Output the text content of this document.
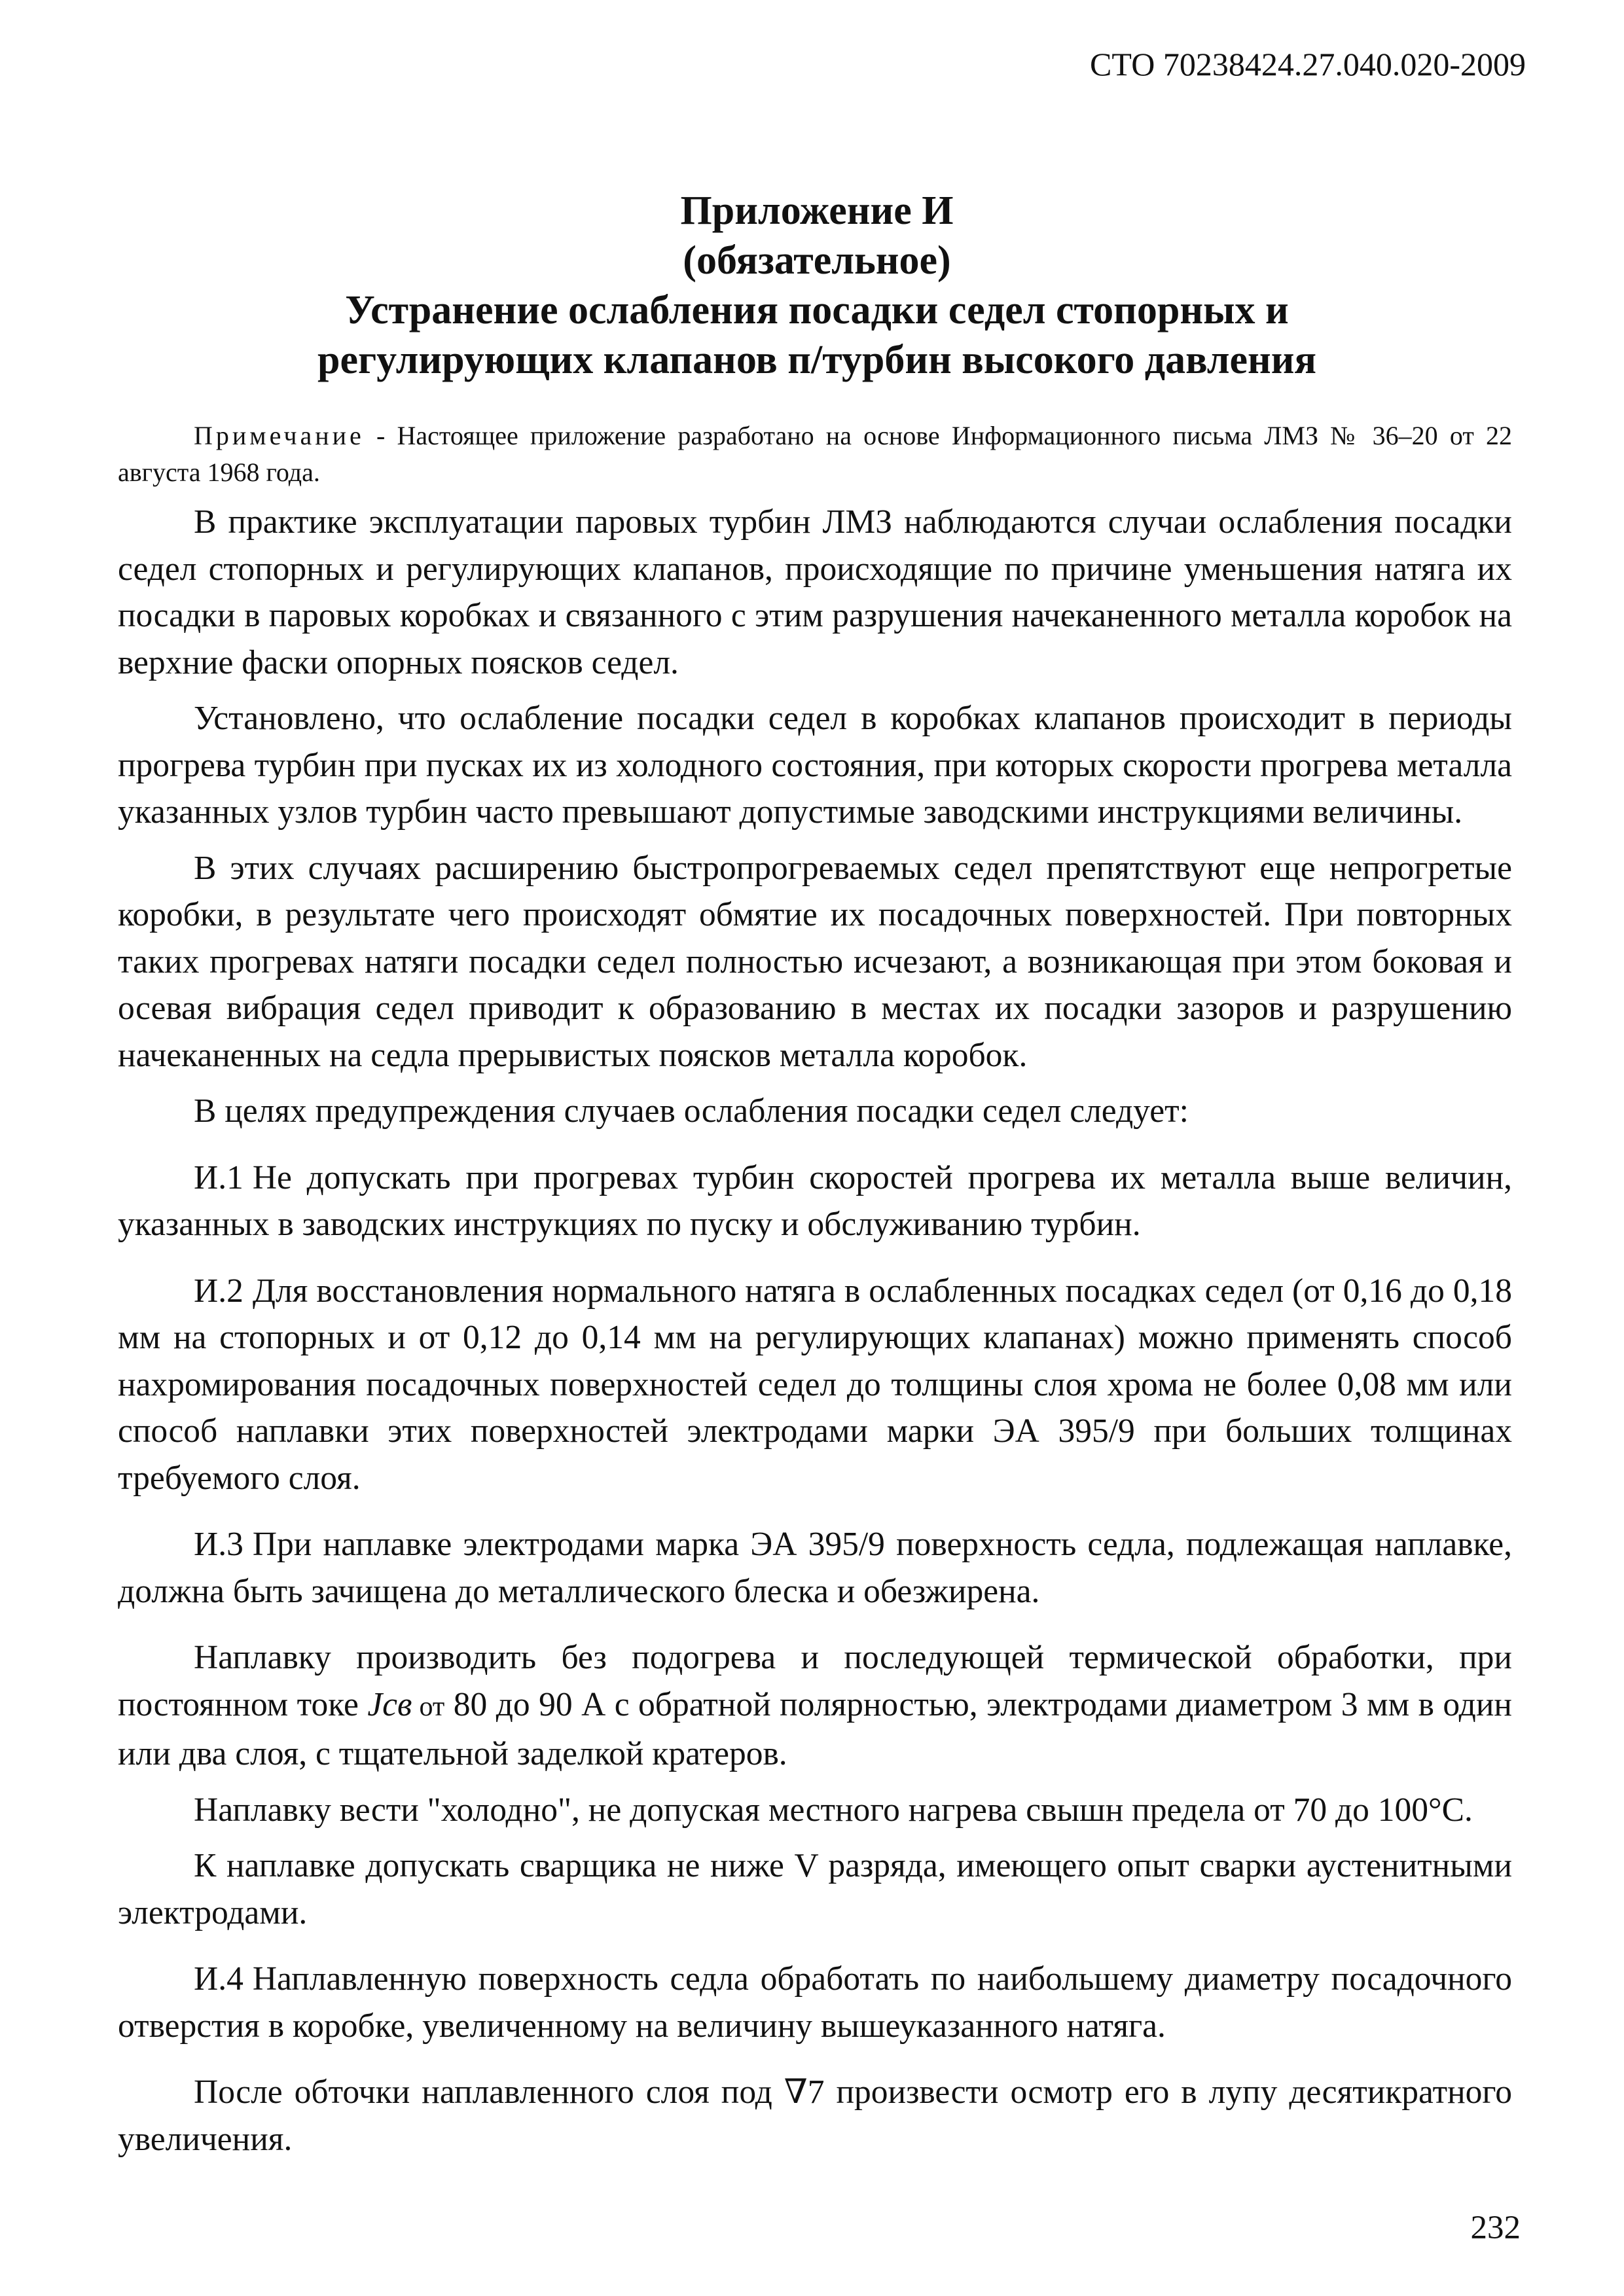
СТО 70238424.27.040.020-2009
Приложение И
(обязательное)
Устранение ослабления посадки седел стопорных и
регулирующих клапанов п/турбин высокого давления

Примечание - Настоящее приложение разработано на основе Информационного письма ЛМЗ № 36–20 от 22 августа 1968 года.

В практике эксплуатации паровых турбин ЛМЗ наблюдаются случаи ослабления посадки седел стопорных и регулирующих клапанов, происходящие по причине уменьшения натяга их посадки в паровых коробках и связанного с этим разрушения начеканенного металла коробок на верхние фаски опорных поясков седел.

Установлено, что ослабление посадки седел в коробках клапанов происходит в периоды прогрева турбин при пусках их из холодного состояния, при которых скорости прогрева металла указанных узлов турбин часто превышают допустимые заводскими инструкциями величины.

В этих случаях расширению быстропрогреваемых седел препятствуют еще непрогретые коробки, в результате чего происходят обмятие их посадочных поверхностей. При повторных таких прогревах натяги посадки седел полностью исчезают, а возникающая при этом боковая и осевая вибрация седел приводит к образованию в местах их посадки зазоров и разрушению начеканенных на седла прерывистых поясков металла коробок.

В целях предупреждения случаев ослабления посадки седел следует:

И.1 Не допускать при прогревах турбин скоростей прогрева их металла выше величин, указанных в заводских инструкциях по пуску и обслуживанию турбин.

И.2 Для восстановления нормального натяга в ослабленных посадках седел (от 0,16 до 0,18 мм на стопорных и от 0,12 до 0,14 мм на регулирующих клапанах) можно применять способ нахромирования посадочных поверхностей седел до толщины слоя хрома не более 0,08 мм или способ наплавки этих поверхностей электродами марки ЭА 395/9 при больших толщинах требуемого слоя.

И.3 При наплавке электродами марка ЭА 395/9 поверхность седла, подлежащая наплавке, должна быть зачищена до металлического блеска и обезжирена.

Наплавку производить без подогрева и последующей термической обработки, при постоянном токе Jсв от 80 до 90 А с обратной полярностью, электродами диаметром 3 мм в один или два слоя, с тщательной заделкой кратеров.

Наплавку вести "холодно", не допуская местного нагрева свышн предела от 70 до 100°С.

К наплавке допускать сварщика не ниже V разряда, имеющего опыт сварки аустенитными электродами.

И.4 Наплавленную поверхность седла обработать по наибольшему диаметру посадочного отверстия в коробке, увеличенному на величину вышеуказанного натяга.

После обточки наплавленного слоя под ∇7 произвести осмотр его в лупу десятикратного увеличения.

232
